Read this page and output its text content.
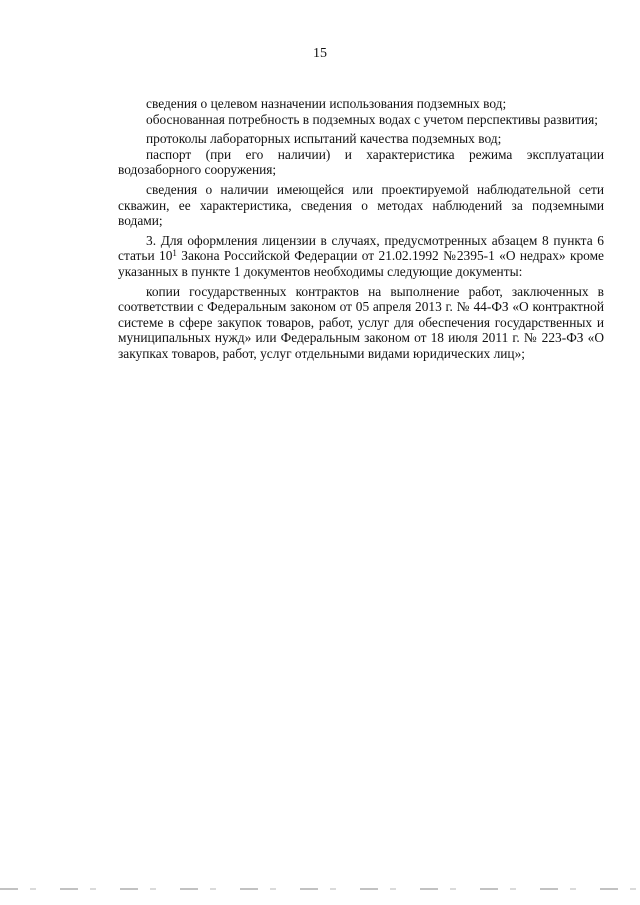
15

сведения о целевом назначении использования подземных вод;

обоснованная потребность в подземных водах с учетом перспективы развития;

протоколы лабораторных испытаний качества подземных вод;

паспорт (при его наличии) и характеристика режима эксплуатации водозаборного сооружения;

сведения о наличии имеющейся или проектируемой наблюдательной сети скважин, ее характеристика, сведения о методах наблюдений за подземными водами;

3. Для оформления лицензии в случаях, предусмотренных абзацем 8 пункта 6 статьи $10^1$ Закона Российской Федерации от 21.02.1992 №2395-1 «О недрах» кроме указанных в пункте 1 документов необходимы следующие документы:

копии государственных контрактов на выполнение работ, заключенных в соответствии с Федеральным законом от 05 апреля 2013 г. № 44-ФЗ «О контрактной системе в сфере закупок товаров, работ, услуг для обеспечения государственных и муниципальных нужд» или Федеральным законом от 18 июля 2011 г. № 223-ФЗ «О закупках товаров, работ, услуг отдельными видами юридических лиц»;
